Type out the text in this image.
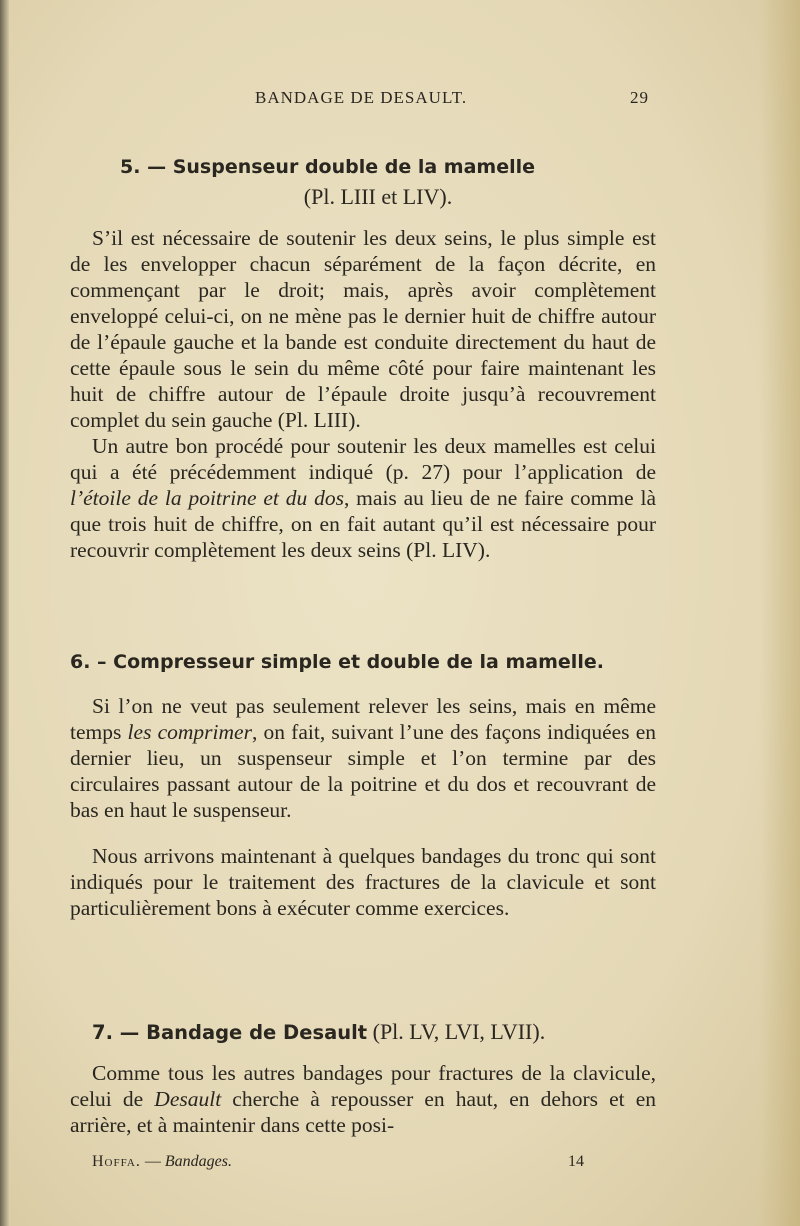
BANDAGE DE DESAULT.	29

5. — Suspenseur double de la mamelle

(Pl. LIII et LIV).

S’il est nécessaire de soutenir les deux seins, le plus simple est de les envelopper chacun séparément de la façon décrite, en commençant par le droit; mais, après avoir complètement enveloppé celui-ci, on ne mène pas le dernier huit de chiffre autour de l’épaule gauche et la bande est conduite directement du haut de cette épaule sous le sein du même côté pour faire maintenant les huit de chiffre autour de l’épaule droite jusqu’à recouvrement complet du sein gauche (Pl. LIII).

Un autre bon procédé pour soutenir les deux mamelles est celui qui a été précédemment indiqué (p. 27) pour l’application de l’étoile de la poitrine et du dos, mais au lieu de ne faire comme là que trois huit de chiffre, on en fait autant qu’il est nécessaire pour recouvrir complètement les deux seins (Pl. LIV).

6. – Compresseur simple et double de la mamelle.

Si l’on ne veut pas seulement relever les seins, mais en même temps les comprimer, on fait, suivant l’une des façons indiquées en dernier lieu, un suspenseur simple et l’on termine par des circulaires passant autour de la poitrine et du dos et recouvrant de bas en haut le suspenseur.

Nous arrivons maintenant à quelques bandages du tronc qui sont indiqués pour le traitement des fractures de la clavicule et sont particulièrement bons à exécuter comme exercices.

7. — Bandage de Desault (Pl. LV, LVI, LVII).

Comme tous les autres bandages pour fractures de la clavicule, celui de Desault cherche à repousser en haut, en dehors et en arrière, et à maintenir dans cette posi-

Hoffa. — Bandages.	14
